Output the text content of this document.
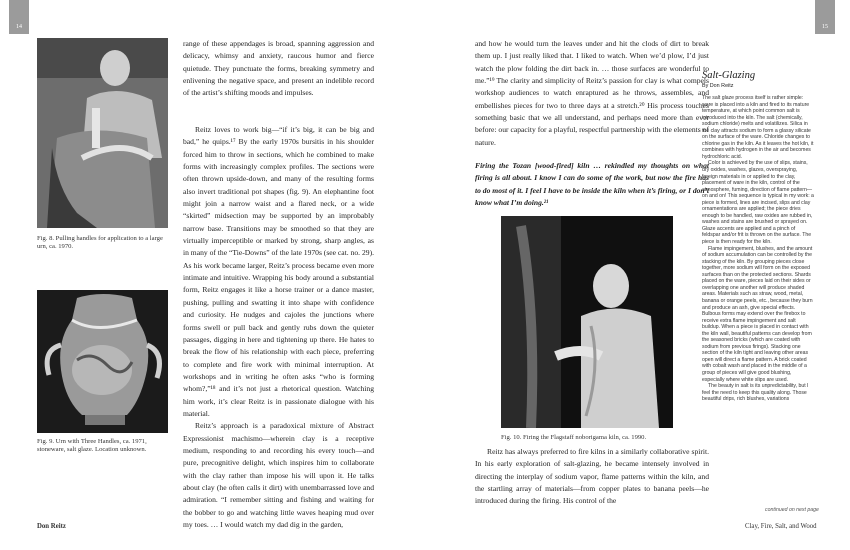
14	15
Fig. 8. Pulling handles for application to a large urn, ca. 1970.
Fig. 9. Urn with Three Handles, ca. 1971, stoneware, salt glaze. Location unknown.

range of these appendages is broad, spanning aggression and delicacy, whimsy and anxiety, raucous humor and fierce quietude. They punctuate the forms, breaking symmetry and enlivening the negative space, and present an indelible record of the artist’s shifting moods and impulses.

Reitz loves to work big—“if it’s big, it can be big and bad,” he quips.¹⁷ By the early 1970s bursitis in his shoulder forced him to throw in sections, which he combined to make forms with increasingly complex profiles. The sections were often thrown upside-down, and many of the resulting forms also invert traditional pot shapes (fig. 9). An elephantine foot might join a narrow waist and a flared neck, or a wide “skirted” midsection may be supported by an improbably narrow base. Transitions may be smoothed so that they are virtually imperceptible or marked by strong, sharp angles, as in many of the “Tie-Downs” of the late 1970s (see cat. no. 29). As his work became larger, Reitz’s process became even more intimate and intuitive. Wrapping his body around a substantial form, Reitz engages it like a horse trainer or a dance master, pushing, pulling and swatting it into shape with confidence and curiosity. He nudges and cajoles the junctions where forms swell or pull back and gently rubs down the quieter passages, digging in here and tightening up there. He hates to break the flow of his relationship with each piece, preferring to complete and fire work with minimal interruption. At workshops and in writing he often asks “who is forming whom?,”¹⁸ and it’s not just a rhetorical question. Watching him work, it’s clear Reitz is in passionate dialogue with his material.

Reitz’s approach is a paradoxical mixture of Abstract Expressionist machismo—wherein clay is a receptive medium, responding to and recording his every touch—and pure, precognitive delight, which inspires him to collaborate with the clay rather than impose his will upon it. He talks about clay (he often calls it dirt) with unembarrassed love and admiration. “I remember sitting and fishing and waiting for the bobber to go and watching little waves heaping mud over my toes. … I would watch my dad dig in the garden,

Don Reitz

and how he would turn the leaves under and hit the clods of dirt to break them up. I just really liked that. I liked to watch. When we’d plow, I’d just watch the plow folding the dirt back in. … those surfaces are wonderful to me.”¹⁹ The clarity and simplicity of Reitz’s passion for clay is what compels workshop audiences to watch enraptured as he throws, assembles, and embellishes pieces for two to three days at a stretch.²⁰ His process touches something basic that we all understand, and perhaps need more than ever before: our capacity for a playful, respectful partnership with the elements of nature.

Firing the Tozan [wood-fired] kiln … rekindled my thoughts on what firing is all about. I know I can do some of the work, but now the fire has to do most of it. I feel I have to be inside the kiln when it’s firing, or I don’t know what I’m doing.²¹

Fig. 10. Firing the Flagstaff noborigama kiln, ca. 1990.

Reitz has always preferred to fire kilns in a similarly collaborative spirit. In his early exploration of salt-glazing, he became intensely involved in directing the interplay of sodium vapor, flame patterns within the kiln, and the startling array of materials—from copper plates to banana peels—he introduced during the firing. His control of the

Clay, Fire, Salt, and Wood
Salt-Glazing
By Don Reitz

The salt glaze process itself is rather simple: ware is placed into a kiln and fired to its mature temperature, at which point common salt is introduced into the kiln. The salt (chemically, sodium chloride) melts and volatilizes. Silica in the clay attracts sodium to form a glassy silicate on the surface of the ware. Chloride changes to chlorine gas in the kiln. As it leaves the hot kiln, it combines with hydrogen in the air and becomes hydrochloric acid.

Color is achieved by the use of slips, stains, dry oxides, washes, glazes, overspraying, foreign materials in or applied to the clay, placement of ware in the kiln, control of the atmosphere, fuming, direction of flame pattern—on and on! This sequence is typical in my work: a piece is formed, lines are incised, slips and clay ornamentations are applied; the piece dries enough to be handled, raw oxides are rubbed in, washes and stains are brushed or sprayed on. Glaze accents are applied and a pinch of feldspar and/or frit is thrown on the surface. The piece is then ready for the kiln.

Flame impingement, blushes, and the amount of sodium accumulation can be controlled by the stacking of the kiln. By grouping pieces close together, more sodium will form on the exposed surfaces than on the protected sections. Shards placed on the ware, pieces laid on their sides or overlapping one another will produce shaded areas. Materials such as straw, wood, metal, banana or orange peels, etc., because they burn and produce an ash, give special effects. Bulbous forms may extend over the firebox to receive extra flame impingement and salt buildup. When a piece is placed in contact with the kiln wall, beautiful patterns can develop from the seasoned bricks (which are coated with sodium from previous firings). Stacking one section of the kiln tight and leaving other areas open will direct a flame pattern. A brick coated with cobalt wash and placed in the middle of a group of pieces will give good blushing, especially where white slips are used.

The beauty in salt is its unpredictability, but I feel the need to keep this quality along. Those beautiful drips, rich blushes, variations

continued on next page
